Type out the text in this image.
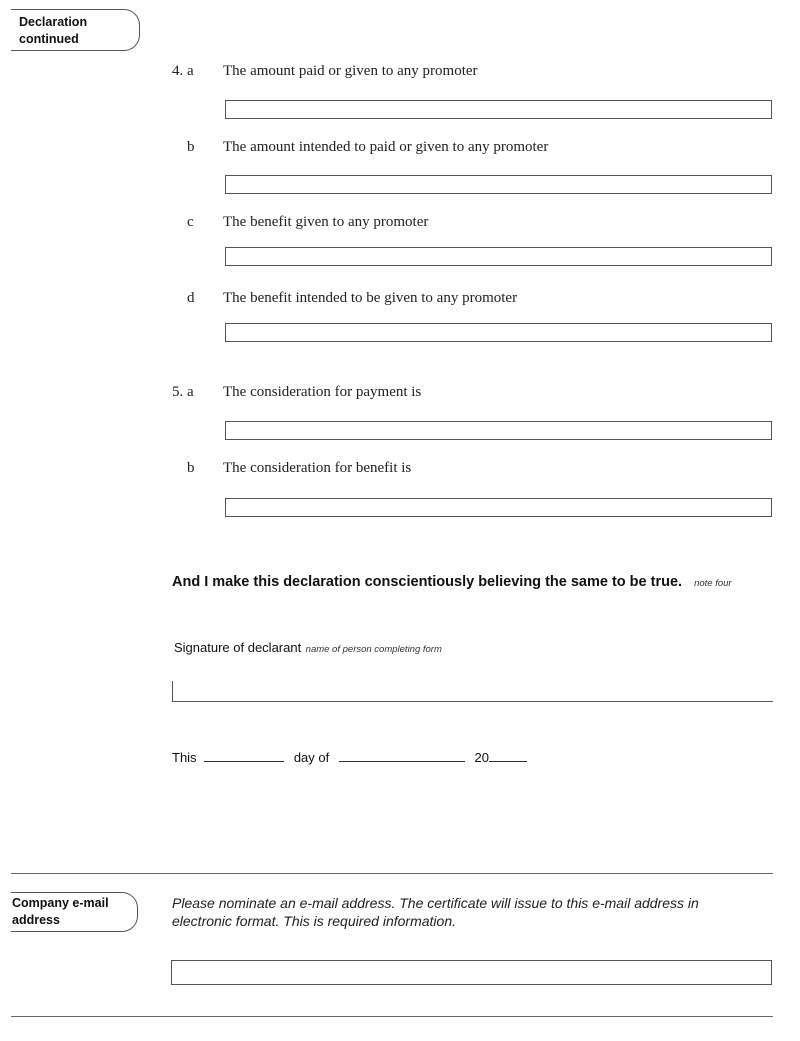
Declaration
continued
4. a The amount paid or given to any promoter
b The amount intended to paid or given to any promoter
c The benefit given to any promoter
d The benefit intended to be given to any promoter
5. a The consideration for payment is
b The consideration for benefit is
And I make this declaration conscientiously believing the same to be true. note four
Signature of declarant name of person completing form
This	day of	20
Company e-mail
address
Please nominate an e-mail address. The certificate will issue to this e-mail address in electronic format. This is required information.
